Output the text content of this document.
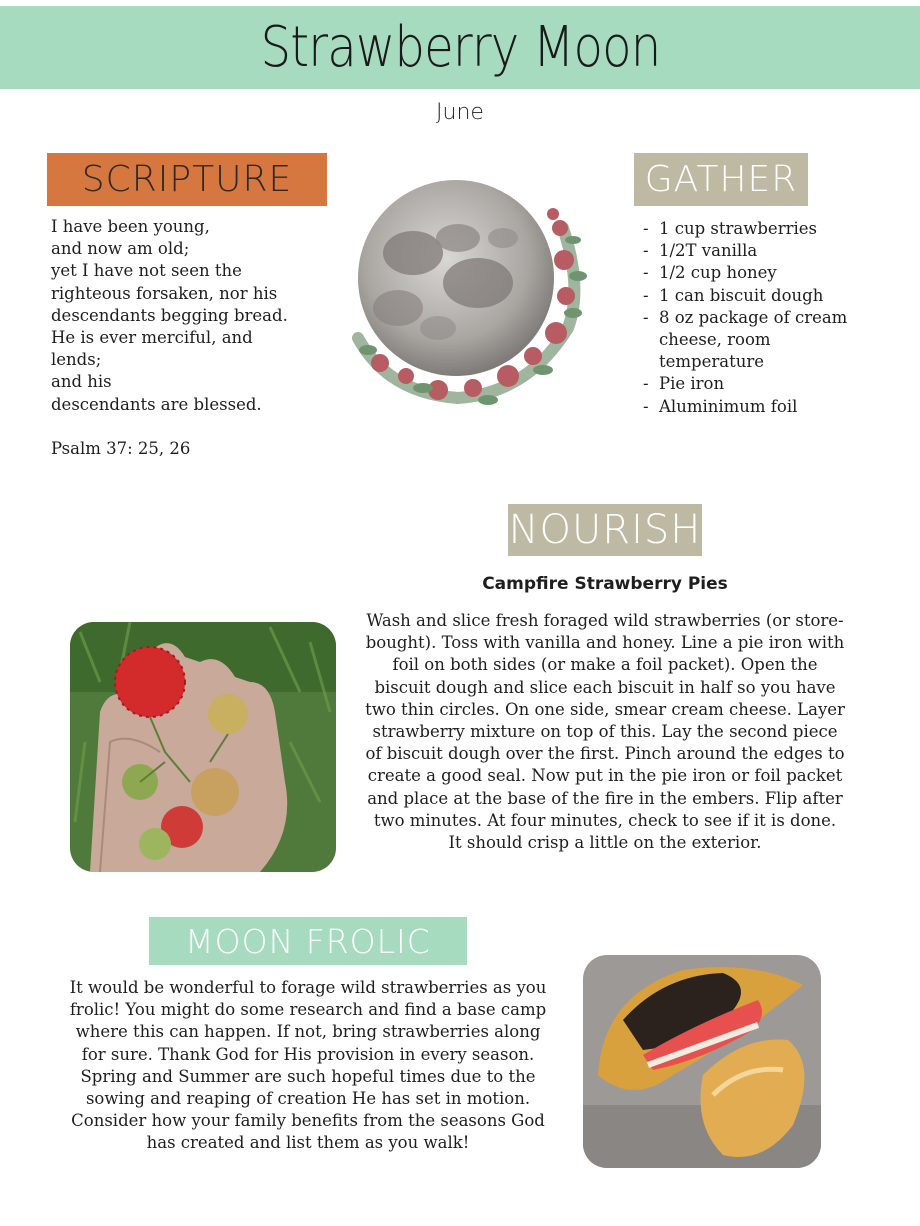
Strawberry Moon
June
SCRIPTURE

I have been young,
and now am old;
yet I have not seen the
righteous forsaken, nor his
descendants begging bread.
He is ever merciful, and
lends;
and his
descendants are blessed.
Psalm 37: 25, 26

GATHER
- 1 cup strawberries
- 1/2T vanilla
- 1/2 cup honey
- 1 can biscuit dough
- 8 oz package of cream cheese, room temperature
- Pie iron
- Aluminimum foil
NOURISH
Campfire Strawberry Pies

Wash and slice fresh foraged wild strawberries (or store-bought). Toss with vanilla and honey. Line a pie iron with foil on both sides (or make a foil packet). Open the biscuit dough and slice each biscuit in half so you have two thin circles. On one side, smear cream cheese. Layer strawberry mixture on top of this. Lay the second piece of biscuit dough over the first. Pinch around the edges to create a good seal. Now put in the pie iron or foil packet and place at the base of the fire in the embers. Flip after two minutes. At four minutes, check to see if it is done. It should crisp a little on the exterior.

MOON FROLIC

It would be wonderful to forage wild strawberries as you frolic! You might do some research and find a base camp where this can happen. If not, bring strawberries along for sure. Thank God for His provision in every season. Spring and Summer are such hopeful times due to the sowing and reaping of creation He has set in motion. Consider how your family benefits from the seasons God has created and list them as you walk!
